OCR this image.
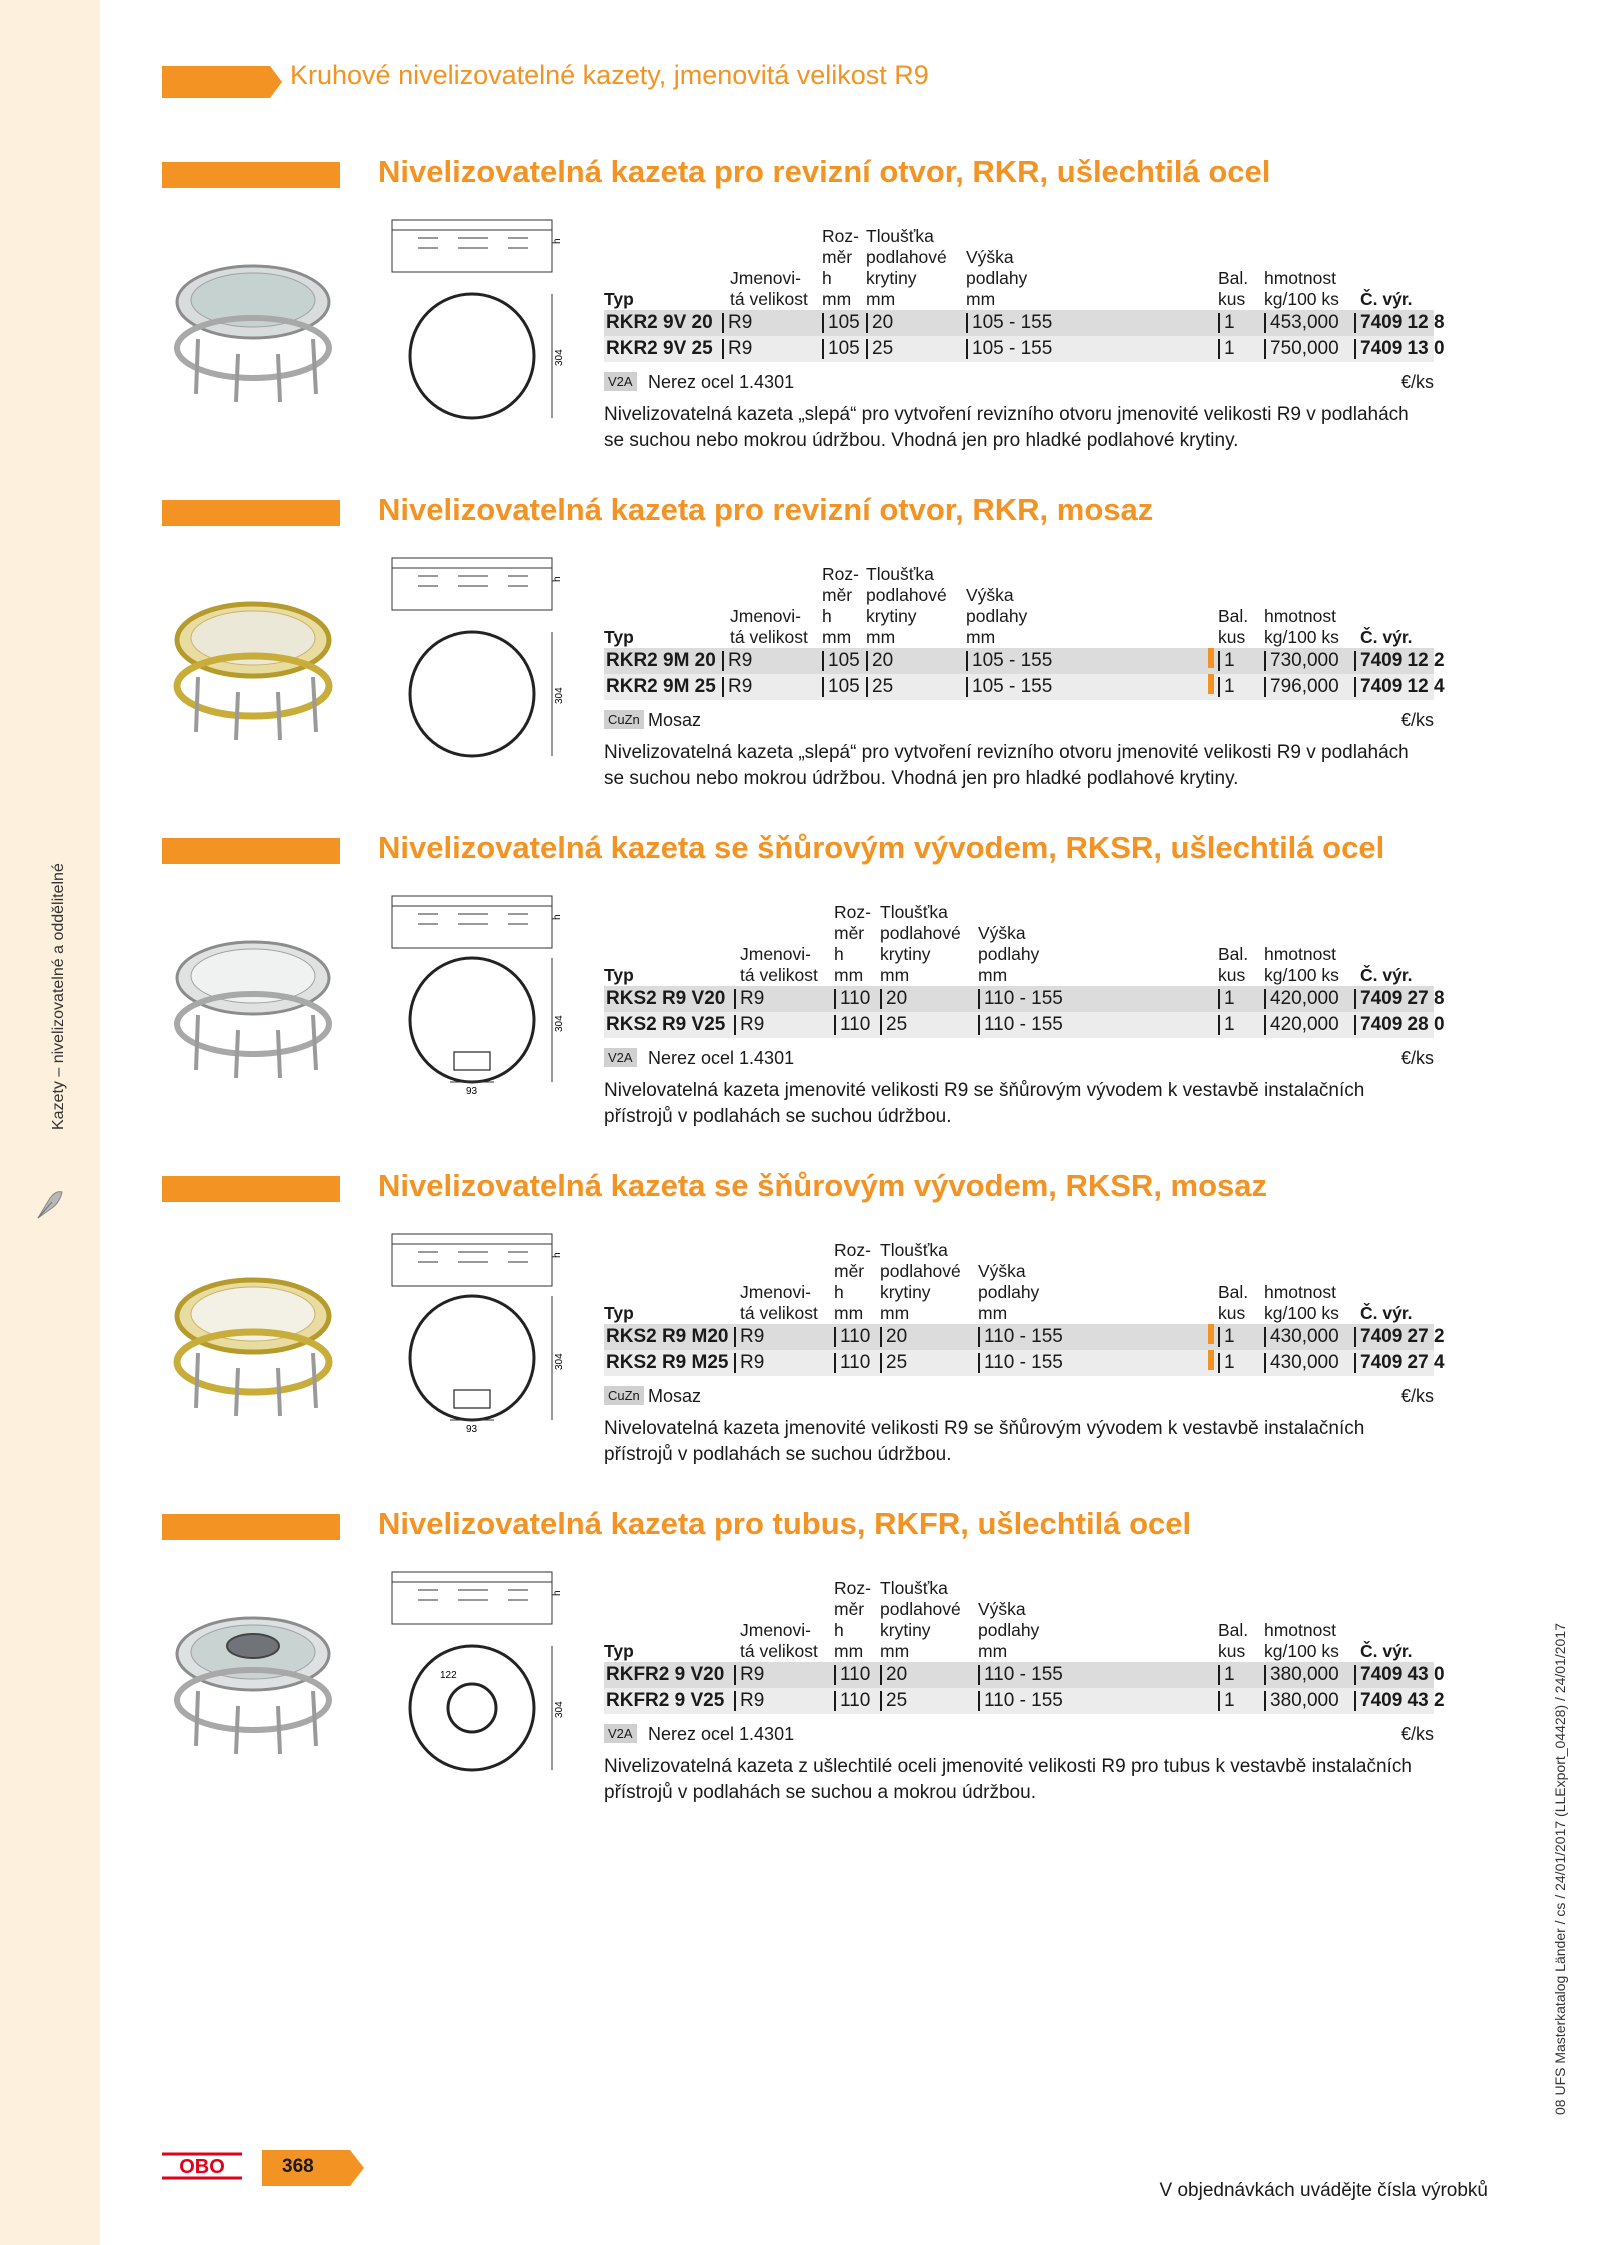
Kruhové nivelizovatelné kazety, jmenovitá velikost R9
Kazety – nivelizovatelné a oddělitelné
08 UFS Masterkatalog Länder / cs / 24/01/2017 (LLExport_04428) / 24/01/2017
Nivelizovatelná kazeta pro revizní otvor, RKR, ušlechtilá ocel
h
304
Typ
Jmenovi-
tá velikost
Roz-
měr
h
mm
Tloušťka
podlahové
krytiny
mm
Výška
podlahy
mm
Bal.
kus
hmotnost
kg/100 ks Č. výr.
RKR2 9V 20 R9	105 20	105 - 155	1	453,000	7409 12 8
RKR2 9V 25 R9	105 25	105 - 155	1	750,000	7409 13 0
V2A Nerez ocel 1.4301	€/ks
Nivelizovatelná kazeta „slepá“ pro vytvoření revizního otvoru jmenovité velikosti R9 v podlahách se suchou nebo mokrou údržbou. Vhodná jen pro hladké podlahové krytiny.
Nivelizovatelná kazeta pro revizní otvor, RKR, mosaz
h
304
Typ
Jmenovi-
tá velikost
Roz-
měr
h
mm
Tloušťka
podlahové
krytiny
mm
Výška
podlahy
mm
Bal.
kus
hmotnost
kg/100 ks Č. výr.
RKR2 9M 20 R9	105 20	105 - 155	1	730,000	7409 12 2
RKR2 9M 25 R9	105 25	105 - 155	1	796,000	7409 12 4
CuZn Mosaz	€/ks
Nivelizovatelná kazeta „slepá“ pro vytvoření revizního otvoru jmenovité velikosti R9 v podlahách se suchou nebo mokrou údržbou. Vhodná jen pro hladké podlahové krytiny.
Nivelizovatelná kazeta se šňůrovým vývodem, RKSR, ušlechtilá ocel
93
h
304
Typ
Jmenovi-
tá velikost
Roz-
měr
h
mm
Tloušťka
podlahové
krytiny
mm
Výška
podlahy
mm
Bal.
kus
hmotnost
kg/100 ks Č. výr.
RKS2 R9 V20 R9	110 20	110 - 155	1	420,000	7409 27 8
RKS2 R9 V25 R9	110 25	110 - 155	1	420,000	7409 28 0
V2A Nerez ocel 1.4301	€/ks
Nivelovatelná kazeta jmenovité velikosti R9 se šňůrovým vývodem k vestavbě instalačních přístrojů v podlahách se suchou údržbou.
Nivelizovatelná kazeta se šňůrovým vývodem, RKSR, mosaz
93
h
304
Typ
Jmenovi-
tá velikost
Roz-
měr
h
mm
Tloušťka
podlahové
krytiny
mm
Výška
podlahy
mm
Bal.
kus
hmotnost
kg/100 ks Č. výr.
RKS2 R9 M20 R9	110 20	110 - 155	1	430,000	7409 27 2
RKS2 R9 M25 R9	110 25	110 - 155	1	430,000	7409 27 4
CuZn Mosaz	€/ks
Nivelovatelná kazeta jmenovité velikosti R9 se šňůrovým vývodem k vestavbě instalačních přístrojů v podlahách se suchou údržbou.
Nivelizovatelná kazeta pro tubus, RKFR, ušlechtilá ocel
122
h
304
Typ
Jmenovi-
tá velikost
Roz-
měr
h
mm
Tloušťka
podlahové
krytiny
mm
Výška
podlahy
mm
Bal.
kus
hmotnost
kg/100 ks Č. výr.
RKFR2 9 V20 R9	110 20	110 - 155	1	380,000	7409 43 0
RKFR2 9 V25 R9	110 25	110 - 155	1	380,000	7409 43 2
V2A Nerez ocel 1.4301	€/ks
Nivelizovatelná kazeta z ušlechtilé oceli jmenovité velikosti R9 pro tubus k vestavbě instalačních přístrojů v podlahách se suchou a mokrou údržbou.
OBO	368
V objednávkách uvádějte čísla výrobků
